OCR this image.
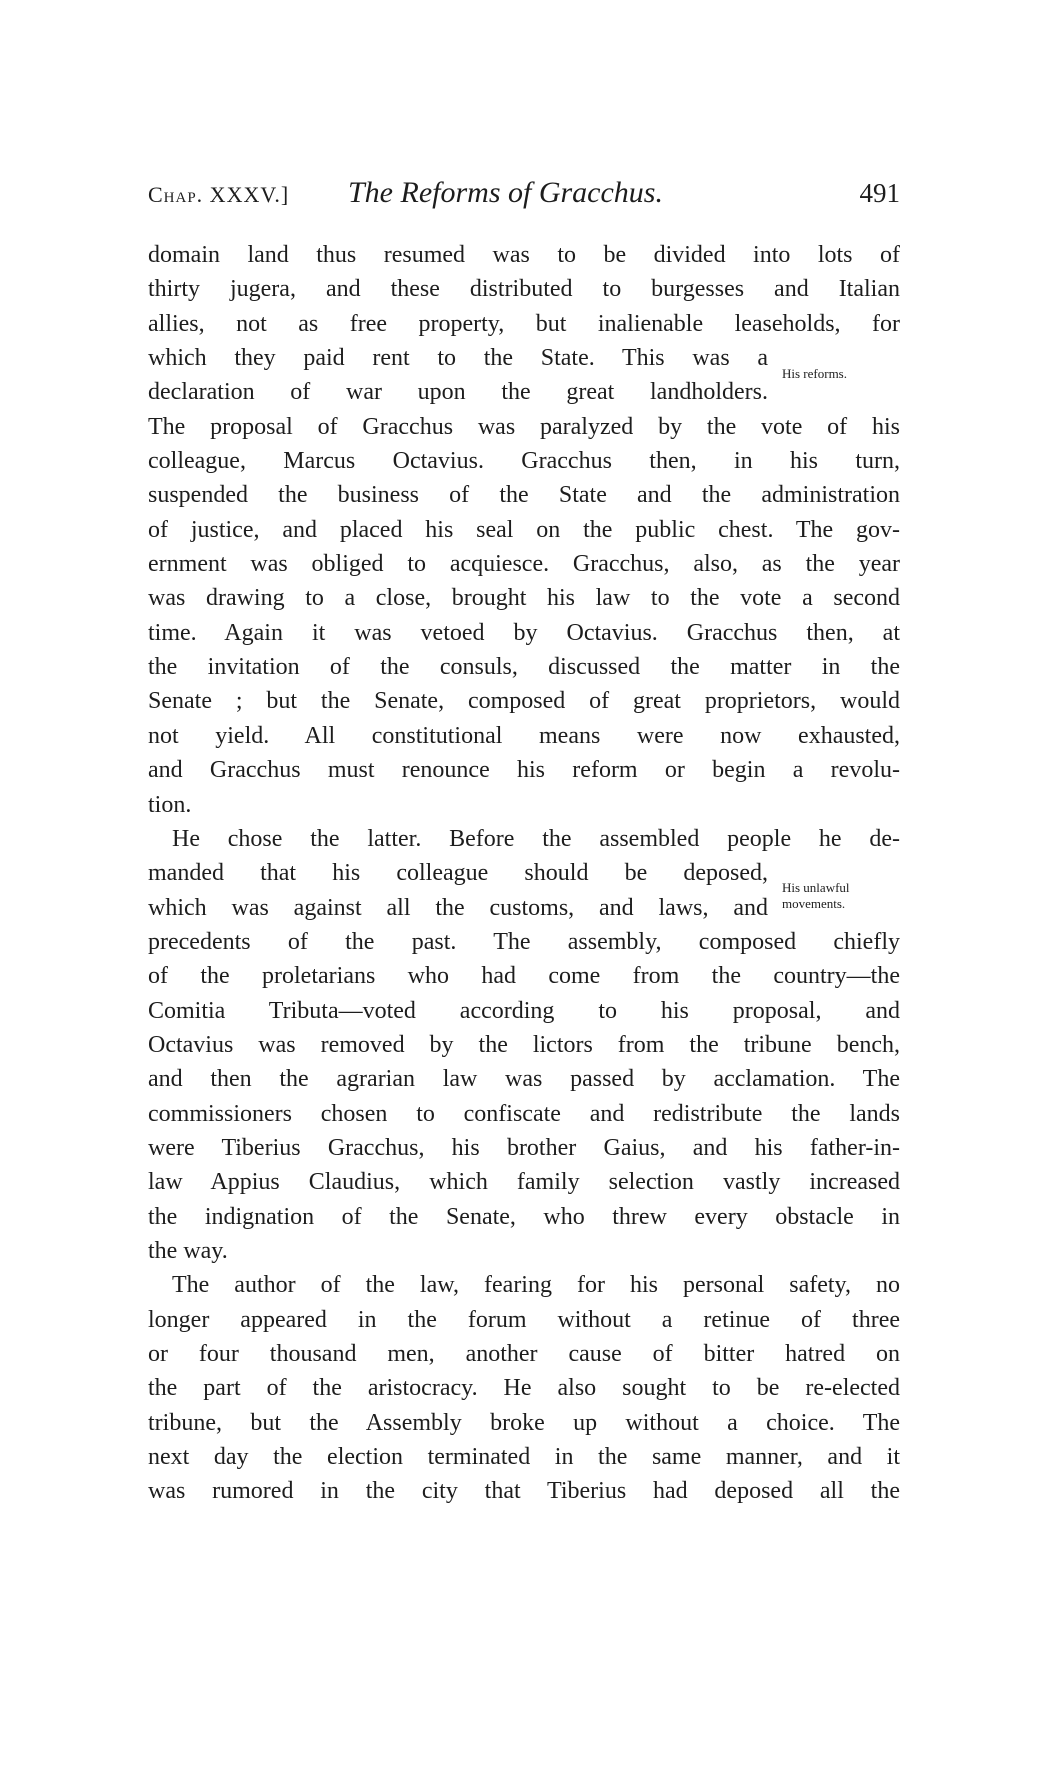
Chap. XXXV.] The Reforms of Gracchus.	491
His reforms.
His unlawful
movements.
domain land thus resumed was to be divided into lots of
thirty jugera, and these distributed to burgesses and Italian
allies, not as free property, but inalienable leaseholds, for
which they paid rent to the State. This was a
declaration of war upon the great landholders.
The proposal of Gracchus was paralyzed by the vote of his
colleague, Marcus Octavius. Gracchus then, in his turn,
suspended the business of the State and the administration
of justice, and placed his seal on the public chest. The gov-
ernment was obliged to acquiesce. Gracchus, also, as the year
was drawing to a close, brought his law to the vote a second
time. Again it was vetoed by Octavius. Gracchus then, at
the invitation of the consuls, discussed the matter in the
Senate ; but the Senate, composed of great proprietors, would
not yield. All constitutional means were now exhausted,
and Gracchus must renounce his reform or begin a revolu-
tion.
He chose the latter. Before the assembled people he de-
manded that his colleague should be deposed,
which was against all the customs, and laws, and
precedents of the past. The assembly, composed chiefly
of the proletarians who had come from the country—the
Comitia Tributa—voted according to his proposal, and
Octavius was removed by the lictors from the tribune bench,
and then the agrarian law was passed by acclamation. The
commissioners chosen to confiscate and redistribute the lands
were Tiberius Gracchus, his brother Gaius, and his father-in-
law Appius Claudius, which family selection vastly increased
the indignation of the Senate, who threw every obstacle in
the way.
The author of the law, fearing for his personal safety, no
longer appeared in the forum without a retinue of three
or four thousand men, another cause of bitter hatred on
the part of the aristocracy. He also sought to be re-elected
tribune, but the Assembly broke up without a choice. The
next day the election terminated in the same manner, and it
was rumored in the city that Tiberius had deposed all the
